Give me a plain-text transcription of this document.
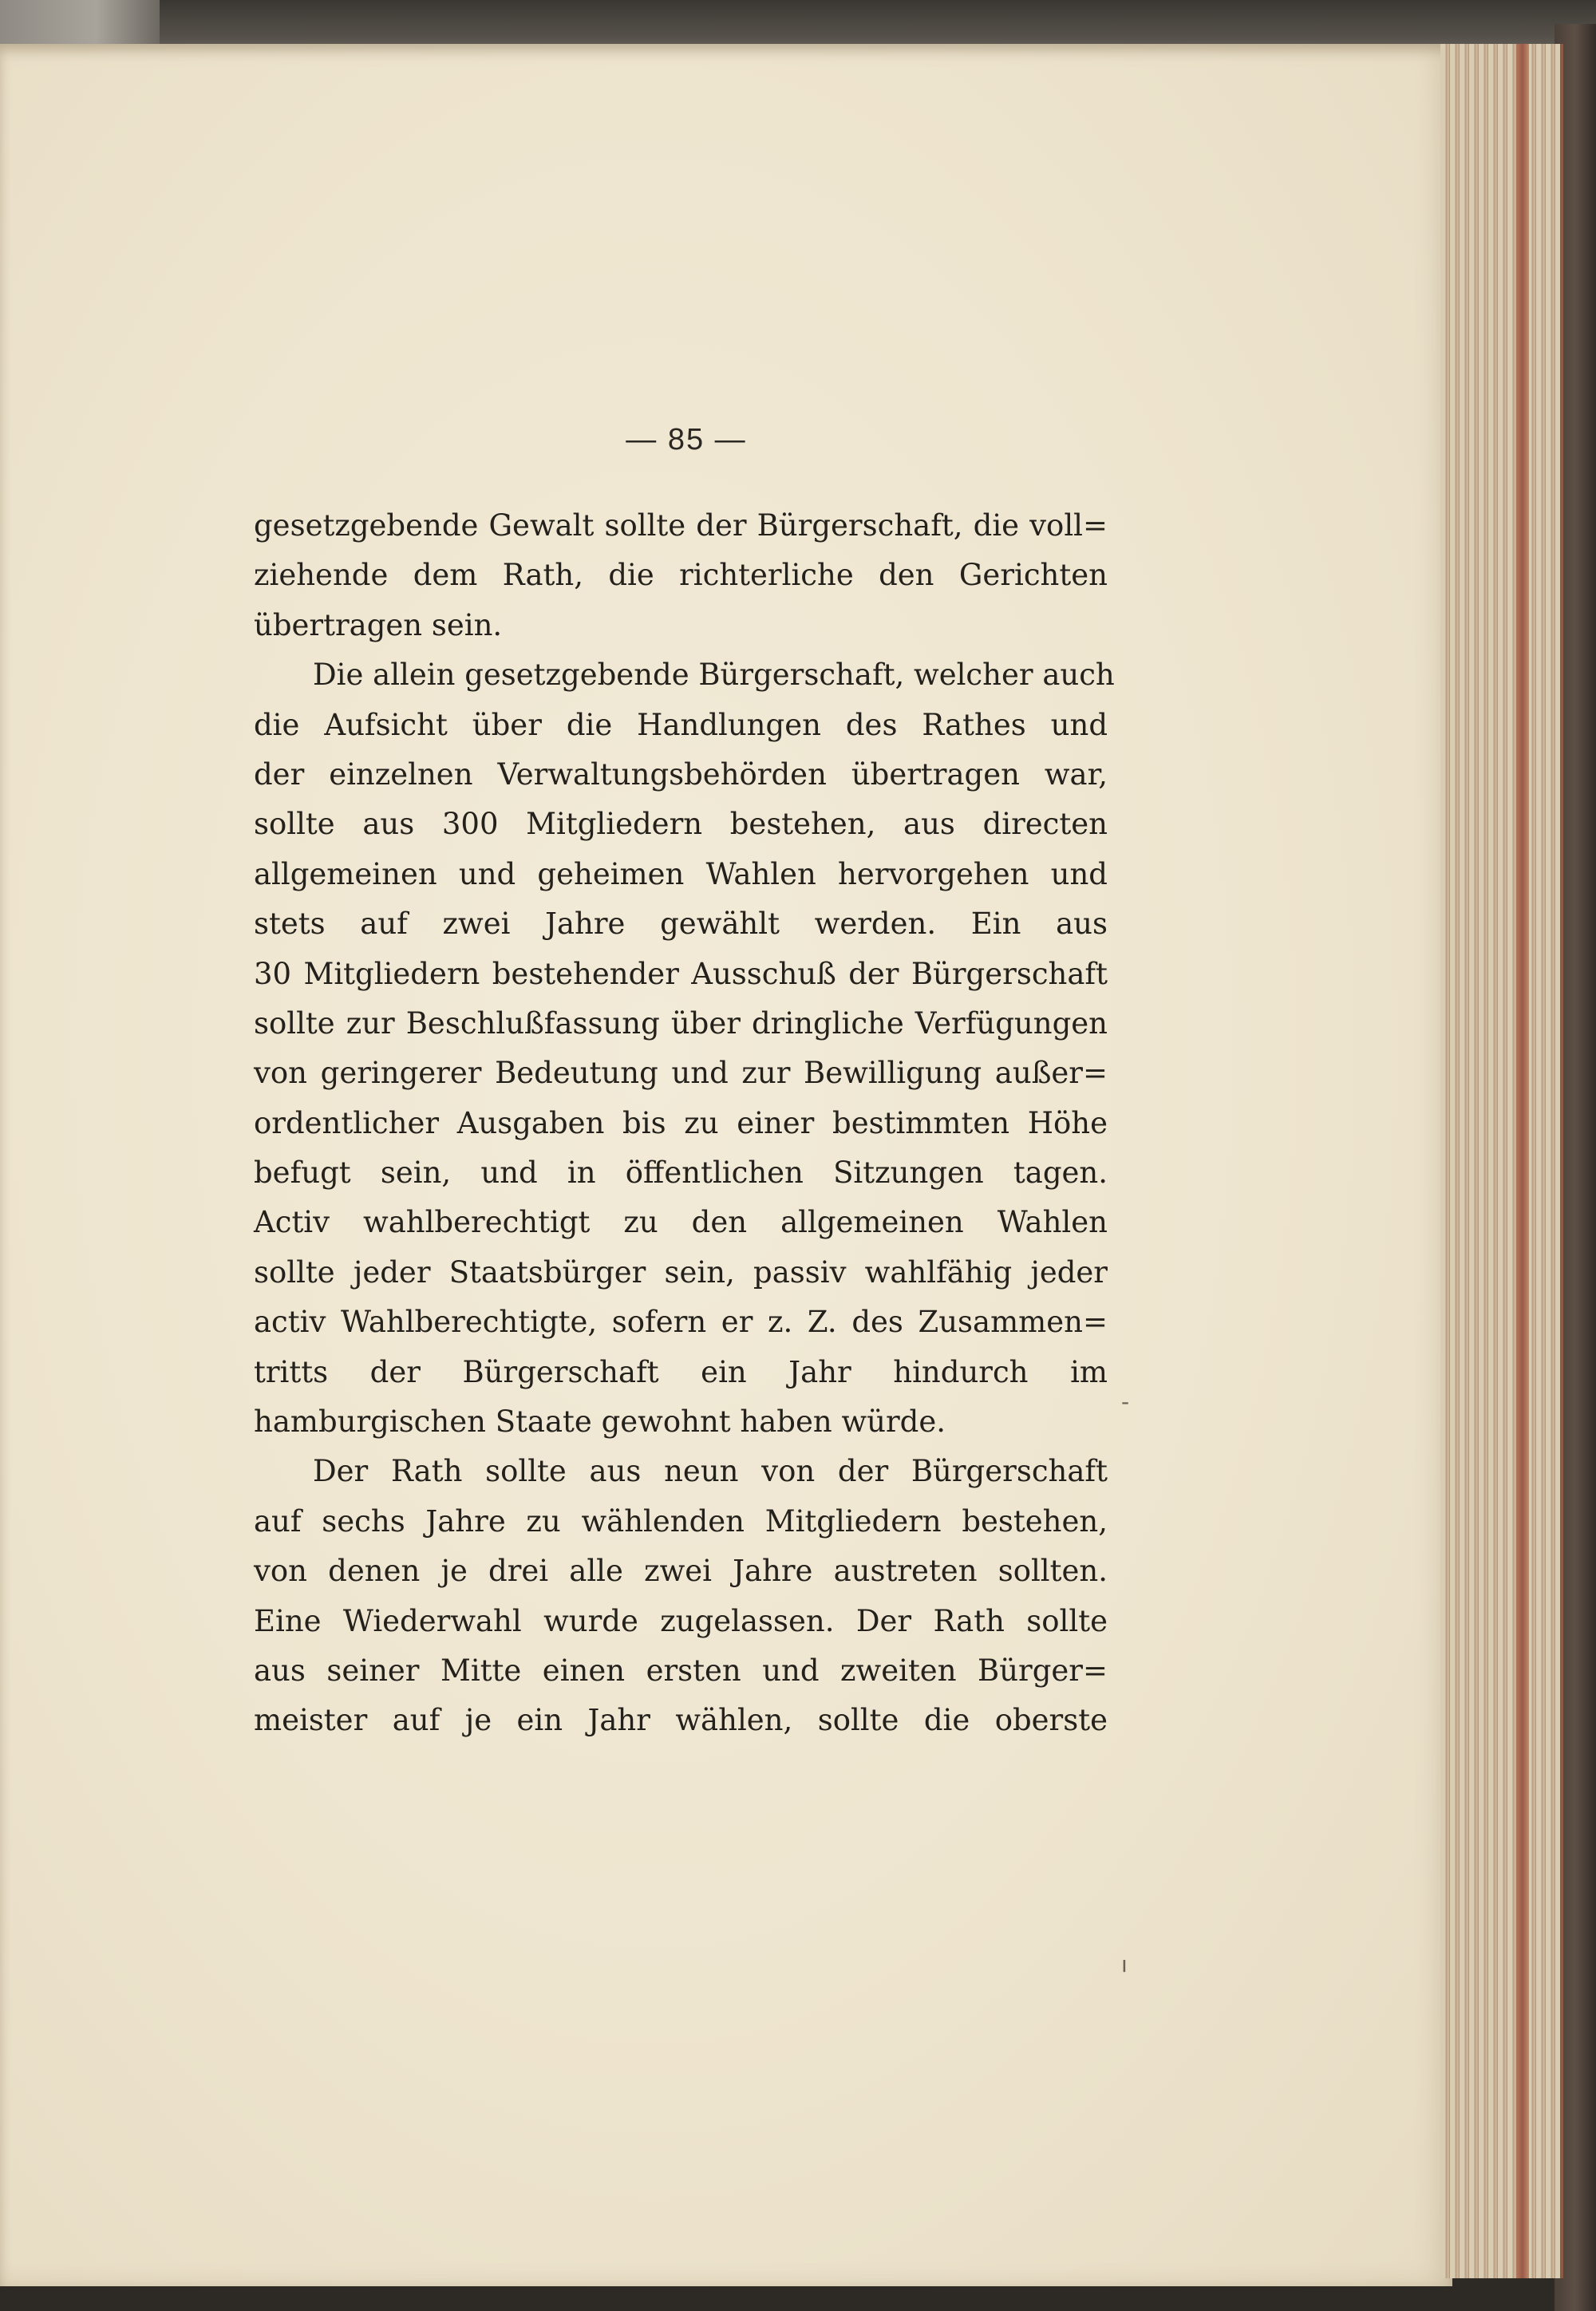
— 85 —
gesetzgebende Gewalt sollte der Bürgerschaft, die voll=
ziehende dem Rath, die richterliche den Gerichten
übertragen sein.
Die allein gesetzgebende Bürgerschaft, welcher auch
die Aufsicht über die Handlungen des Rathes und
der einzelnen Verwaltungsbehörden übertragen war,
sollte aus 300 Mitgliedern bestehen, aus directen
allgemeinen und geheimen Wahlen hervorgehen und
stets auf zwei Jahre gewählt werden. Ein aus
30 Mitgliedern bestehender Ausschuß der Bürgerschaft
sollte zur Beschlußfassung über dringliche Verfügungen
von geringerer Bedeutung und zur Bewilligung außer=
ordentlicher Ausgaben bis zu einer bestimmten Höhe
befugt sein, und in öffentlichen Sitzungen tagen.
Activ wahlberechtigt zu den allgemeinen Wahlen
sollte jeder Staatsbürger sein, passiv wahlfähig jeder
activ Wahlberechtigte, sofern er z. Z. des Zusammen=
tritts der Bürgerschaft ein Jahr hindurch im
hamburgischen Staate gewohnt haben würde.
Der Rath sollte aus neun von der Bürgerschaft
auf sechs Jahre zu wählenden Mitgliedern bestehen,
von denen je drei alle zwei Jahre austreten sollten.
Eine Wiederwahl wurde zugelassen. Der Rath sollte
aus seiner Mitte einen ersten und zweiten Bürger=
meister auf je ein Jahr wählen, sollte die oberste
-
ı
